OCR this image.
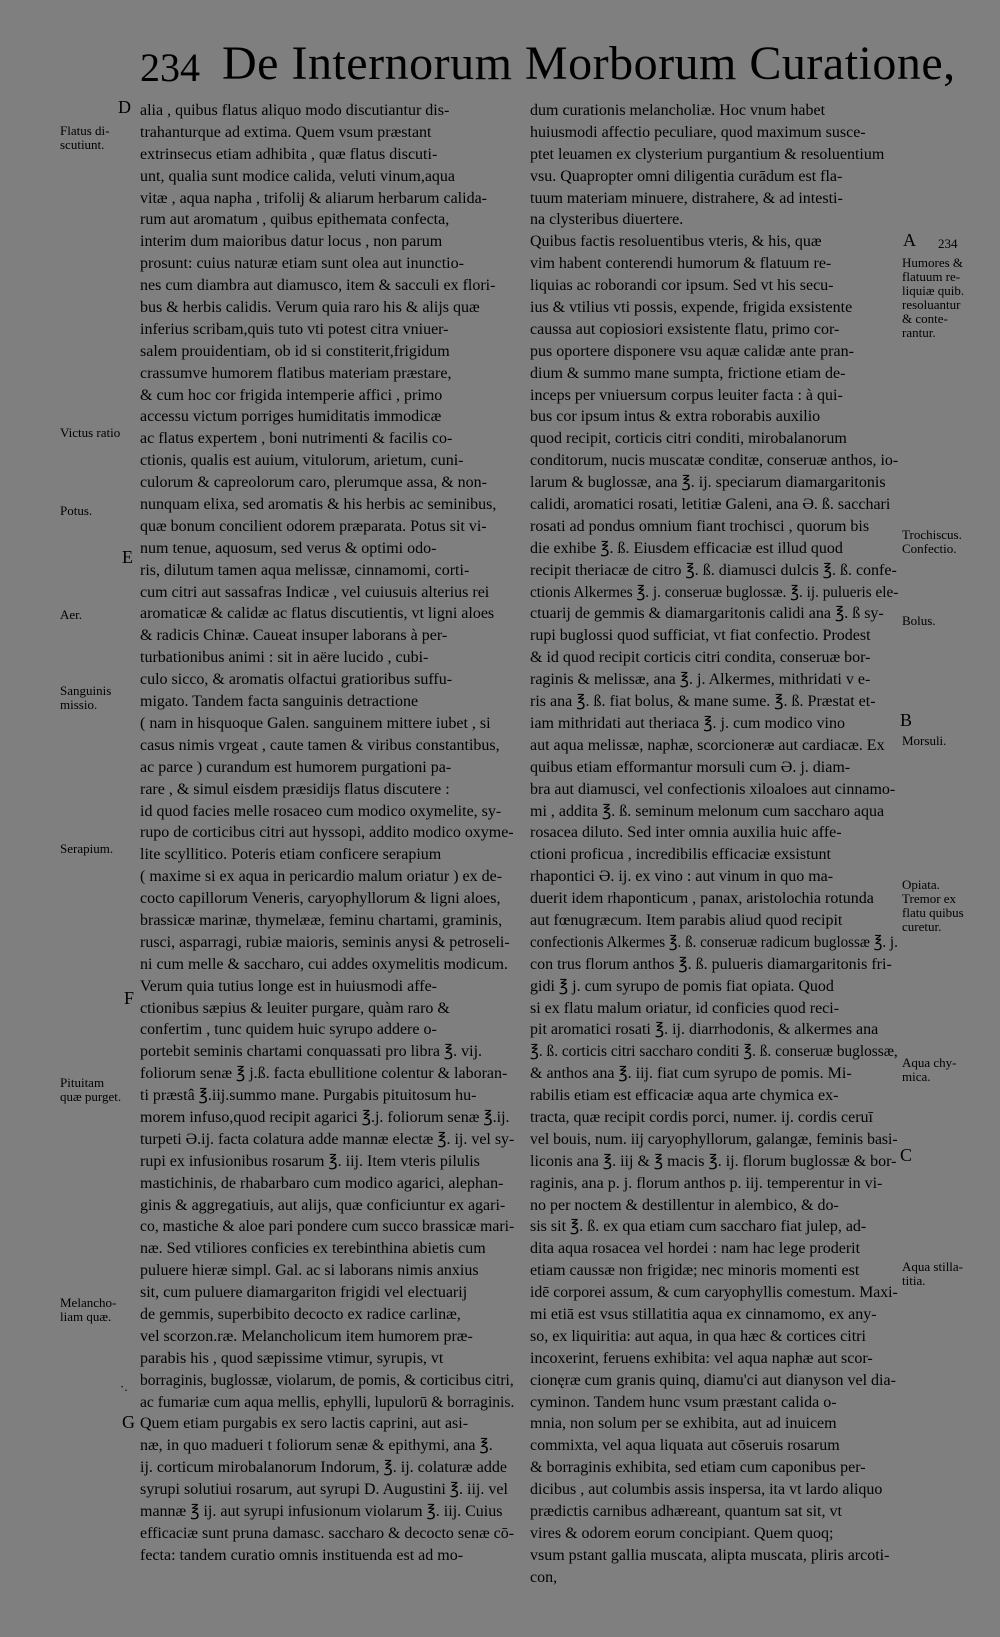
234 De Internorum Morborum Curatione,
D
E
F
G
A
B
C
234
Flatus di-
scutiunt.
Victus ratio
Potus.
Aer.
Sanguinis
missio.
Serapium.
Pituitam
quæ purget.
Melancho-
liam quæ.
·.
Humores &
flatuum re-
liquiæ quib.
resoluantur
& conte-
rantur.
Trochiscus.
Confectio.
Bolus.
Morsuli.
Opiata.
Tremor ex
flatu quibus
curetur.
Aqua chy-
mica.
Aqua stilla-
titia.
alia , quibus flatus aliquo modo discutiantur dis-
trahanturque ad extima. Quem vsum præstant
extrinsecus etiam adhibita , quæ flatus discuti-
unt, qualia sunt modice calida, veluti vinum,aqua
vitæ , aqua napha , trifolij & aliarum herbarum calida-
rum aut aromatum , quibus epithemata confecta,
interim dum maioribus datur locus , non parum
prosunt: cuius naturæ etiam sunt olea aut inunctio-
nes cum diambra aut diamusco, item & sacculi ex flori-
bus & herbis calidis. Verum quia raro his & alijs quæ
inferius scribam,quis tuto vti potest citra vniuer-
salem prouidentiam, ob id si constiterit,frigidum
crassumve humorem flatibus materiam præstare,
& cum hoc cor frigida intemperie affici , primo
accessu victum porriges humiditatis immodicæ
ac flatus expertem , boni nutrimenti & facilis co-
ctionis, qualis est auium, vitulorum, arietum, cuni-
culorum & capreolorum caro, plerumque assa, & non-
nunquam elixa, sed aromatis & his herbis ac seminibus,
quæ bonum concilient odorem præparata. Potus sit vi-
num tenue, aquosum, sed verus & optimi odo-
ris, dilutum tamen aqua melissæ, cinnamomi, corti-
cum citri aut sassafras Indicæ , vel cuiusuis alterius rei
aromaticæ & calidæ ac flatus discutientis, vt ligni aloes
& radicis Chinæ. Caueat insuper laborans à per-
turbationibus animi : sit in aëre lucido , cubi-
culo sicco, & aromatis olfactui gratioribus suffu-
migato. Tandem facta sanguinis detractione
( nam in hisquoque Galen. sanguinem mittere iubet , si
casus nimis vrgeat , caute tamen & viribus constantibus,
ac parce ) curandum est humorem purgationi pa-
rare , & simul eisdem præsidijs flatus discutere :
id quod facies melle rosaceo cum modico oxymelite, sy-
rupo de corticibus citri aut hyssopi, addito modico oxyme-
lite scyllitico. Poteris etiam conficere serapium
( maxime si ex aqua in pericardio malum oriatur ) ex de-
cocto capillorum Veneris, caryophyllorum & ligni aloes,
brassicæ marinæ, thymelææ, feminu chartami, graminis,
rusci, asparragi, rubiæ maioris, seminis anysi & petroseli-
ni cum melle & saccharo, cui addes oxymelitis modicum.
Verum quia tutius longe est in huiusmodi affe-
ctionibus sæpius & leuiter purgare, quàm raro &
confertim , tunc quidem huic syrupo addere o-
portebit seminis chartami conquassati pro libra ℥. vij.
foliorum senæ ℥ j.ß. facta ebullitione colentur & laboran-
ti præstâ ℥.iij.summo mane. Purgabis pituitosum hu-
morem infuso,quod recipit agarici ℥.j. foliorum senæ ℥.ij.
turpeti Ə.ij. facta colatura adde mannæ electæ ℥. ij. vel sy-
rupi ex infusionibus rosarum ℥. iij. Item vteris pilulis
mastichinis, de rhabarbaro cum modico agarici, alephan-
ginis & aggregatiuis, aut alijs, quæ conficiuntur ex agari-
co, mastiche & aloe pari pondere cum succo brassicæ mari-
næ. Sed vtiliores conficies ex terebinthina abietis cum
puluere hieræ simpl. Gal. ac si laborans nimis anxius
sit, cum puluere diamargariton frigidi vel electuarij
de gemmis, superbibito decocto ex radice carlinæ,
vel scorzon.ræ. Melancholicum item humorem præ-
parabis his , quod sæpissime vtimur, syrupis, vt
borraginis, buglossæ, violarum, de pomis, & corticibus citri,
ac fumariæ cum aqua mellis, ephylli, lupulorū & borraginis.
Quem etiam purgabis ex sero lactis caprini, aut asi-
næ, in quo madueri t foliorum senæ & epithymi, ana ℥.
ij. corticum mirobalanorum Indorum, ℥. ij. colaturæ adde
syrupi solutiui rosarum, aut syrupi D. Augustini ℥. iij. vel
mannæ ℥ ij. aut syrupi infusionum violarum ℥. iij. Cuius
efficaciæ sunt pruna damasc. saccharo & decocto senæ cō-
fecta: tandem curatio omnis instituenda est ad mo-
dum curationis melancholiæ. Hoc vnum habet
huiusmodi affectio peculiare, quod maximum susce-
ptet leuamen ex clysterium purgantium & resoluentium
vsu. Quapropter omni diligentia curādum est fla-
tuum materiam minuere, distrahere, & ad intesti-
na clysteribus diuertere.
Quibus factis resoluentibus vteris, & his, quæ
vim habent conterendi humorum & flatuum re-
liquias ac roborandi cor ipsum. Sed vt his secu-
ius & vtilius vti possis, expende, frigida exsistente
caussa aut copiosiori exsistente flatu, primo cor-
pus oportere disponere vsu aquæ calidæ ante pran-
dium & summo mane sumpta, frictione etiam de-
inceps per vniuersum corpus leuiter facta : à qui-
bus cor ipsum intus & extra roborabis auxilio
quod recipit, corticis citri conditi, mirobalanorum
conditorum, nucis muscatæ conditæ, conseruæ anthos, io-
larum & buglossæ, ana ℥. ij. speciarum diamargaritonis
calidi, aromatici rosati, letitiæ Galeni, ana Ə. ß. sacchari
rosati ad pondus omnium fiant trochisci , quorum bis
die exhibe ℥. ß. Eiusdem efficaciæ est illud quod
recipit theriacæ de citro ℥. ß. diamusci dulcis ℥. ß. confe-
ctionis Alkermes ℥. j. conseruæ buglossæ. ℥. ij. pulueris ele-
ctuarij de gemmis & diamargaritonis calidi ana ℥. ß sy-
rupi buglossi quod sufficiat, vt fiat confectio. Prodest
& id quod recipit corticis citri condita, conseruæ bor-
raginis & melissæ, ana ℥. j. Alkermes, mithridati v e-
ris ana ℥. ß. fiat bolus, & mane sume. ℥. ß. Præstat et-
iam mithridati aut theriaca ℥. j. cum modico vino
aut aqua melissæ, naphæ, scorcioneræ aut cardiacæ. Ex
quibus etiam efformantur morsuli cum Ə. j. diam-
bra aut diamusci, vel confectionis xiloaloes aut cinnamo-
mi , addita ℥. ß. seminum melonum cum saccharo aqua
rosacea diluto. Sed inter omnia auxilia huic affe-
ctioni proficua , incredibilis efficaciæ exsistunt
rhapontici Ə. ij. ex vino : aut vinum in quo ma-
duerit idem rhaponticum , panax, aristolochia rotunda
aut fœnugræcum. Item parabis aliud quod recipit
confectionis Alkermes ℥. ß. conseruæ radicum buglossæ ℥. j.
con trus florum anthos ℥. ß. pulueris diamargaritonis fri-
gidi ℥ j. cum syrupo de pomis fiat opiata. Quod
si ex flatu malum oriatur, id conficies quod reci-
pit aromatici rosati ℥. ij. diarrhodonis, & alkermes ana
℥. ß. corticis citri saccharo conditi ℥. ß. conseruæ buglossæ,
& anthos ana ℥. iij. fiat cum syrupo de pomis. Mi-
rabilis etiam est efficaciæ aqua arte chymica ex-
tracta, quæ recipit cordis porci, numer. ij. cordis ceruī
vel bouis, num. iij caryophyllorum, galangæ, feminis basi-
liconis ana ℥. iij & ℥ macis ℥. ij. florum buglossæ & bor-
raginis, ana p. j. florum anthos p. iij. temperentur in vi-
no per noctem & destillentur in alembico, & do-
sis sit ℥. ß. ex qua etiam cum saccharo fiat julep, ad-
dita aqua rosacea vel hordei : nam hac lege proderit
etiam caussæ non frigidæ; nec minoris momenti est
idē corporei assum, & cum caryophyllis comestum. Maxi-
mi etiā est vsus stillatitia aqua ex cinnamomo, ex any-
so, ex liquiritia: aut aqua, in qua hæc & cortices citri
incoxerint, feruens exhibita: vel aqua naphæ aut scor-
cionęræ cum granis quinq, diamu'ci aut dianyson vel dia-
cyminon. Tandem hunc vsum præstant calida o-
mnia, non solum per se exhibita, aut ad inuicem
commixta, vel aqua liquata aut cōseruis rosarum
& borraginis exhibita, sed etiam cum caponibus per-
dicibus , aut columbis assis inspersa, ita vt lardo aliquo
prædictis carnibus adhæreant, quantum sat sit, vt
vires & odorem eorum concipiant. Quem quoq;
vsum pstant gallia muscata, alipta muscata, pliris arcoti-
con,
